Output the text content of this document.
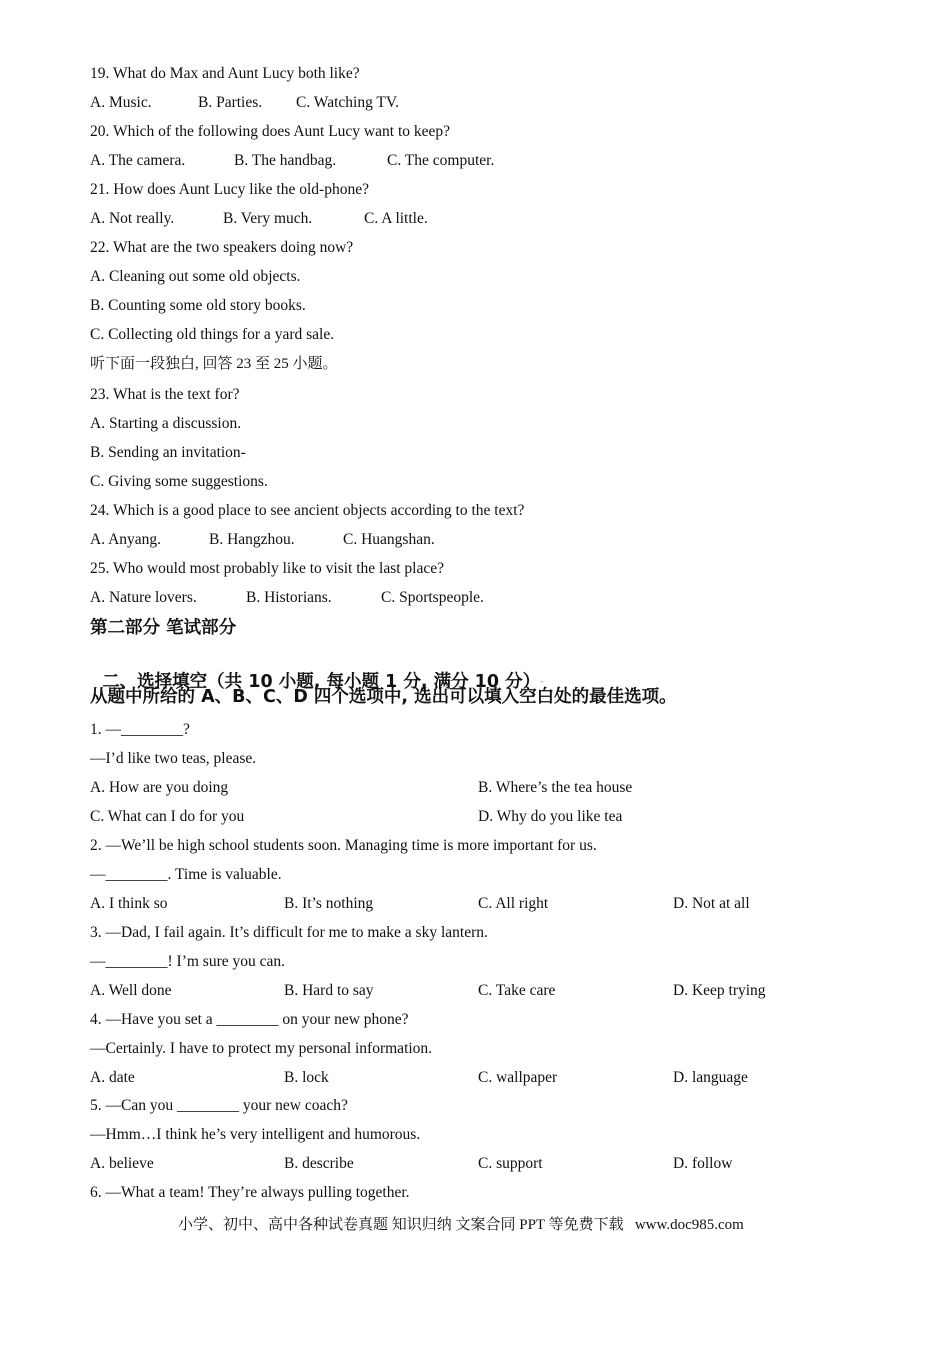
19. What do Max and Aunt Lucy both like?
A. Music.	B. Parties. C. Watching TV.
20. Which of the following does Aunt Lucy want to keep?
A. The camera.	B. The handbag.	C. The computer.
21. How does Aunt Lucy like the old-phone?
A. Not really.	B. Very much.	C. A little.
22. What are the two speakers doing now?
A. Cleaning out some old objects.
B. Counting some old story books.
C. Collecting old things for a yard sale.
听下面一段独白, 回答 23 至 25 小题。
23. What is the text for?
A. Starting a discussion.
B. Sending an invitation-
C. Giving some suggestions.
24. Which is a good place to see ancient objects according to the text?
A. Anyang.	B. Hangzhou.	C. Huangshan.
25. Who would most probably like to visit the last place?
A. Nature lovers.	B. Historians.	C. Sportspeople.
第二部分 笔试部分

二、选择填空（共 10 小题, 每小题 1 分, 满分 10 分）-

从题中所给的 A、B、C、D 四个选项中, 选出可以填入空白处的最佳选项。
1. —________?
—I’d like two teas, please.
A. How are you doing	B. Where’s the tea house
C. What can I do for you	D. Why do you like tea
2. —We’ll be high school students soon. Managing time is more important for us.
—________. Time is valuable.
A. I think so	B. It’s nothing	C. All right	D. Not at all
3. —Dad, I fail again. It’s difficult for me to make a sky lantern.
—________! I’m sure you can.
A. Well done	B. Hard to say	C. Take care	D. Keep trying
4. —Have you set a ________ on your new phone?
—Certainly. I have to protect my personal information.
A. date	B. lock	C. wallpaper	D. language
5. —Can you ________ your new coach?
—Hmm…I think he’s very intelligent and humorous.
A. believe	B. describe	C. support	D. follow
6. —What a team! They’re always pulling together.
小学、初中、高中各种试卷真题 知识归纳 文案合同 PPT 等免费下载   www.doc985.com
